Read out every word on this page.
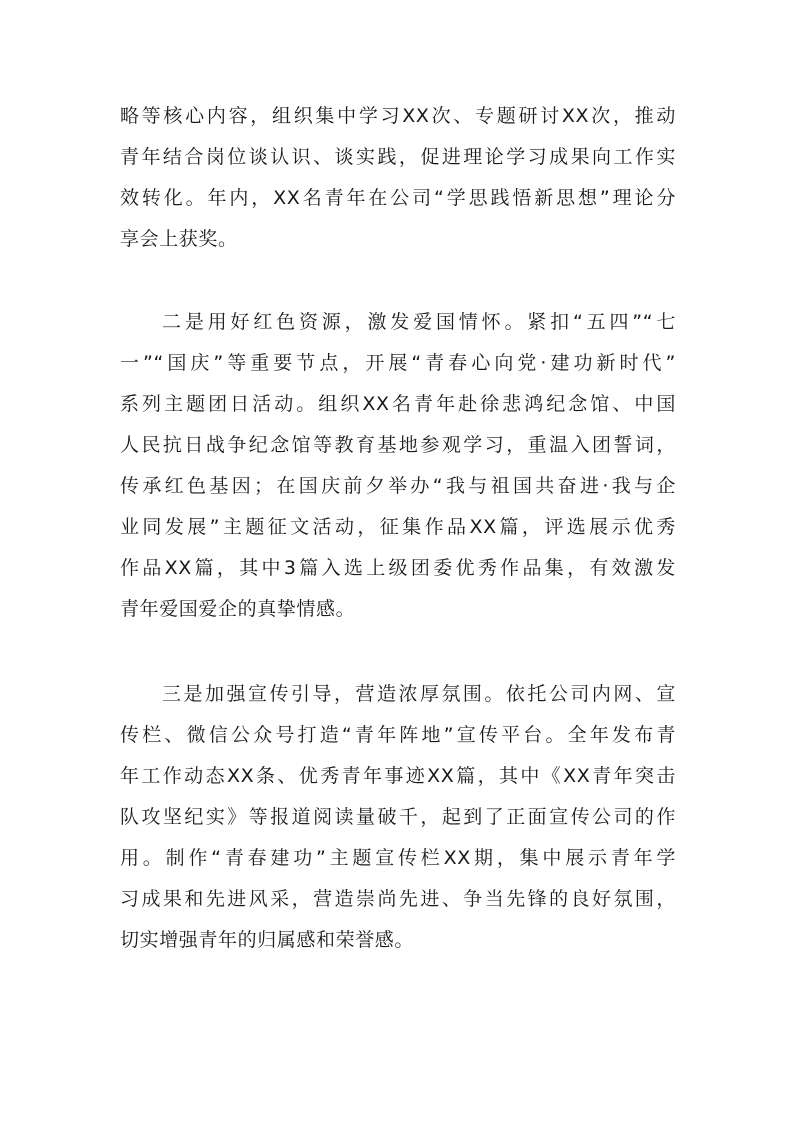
略等核心内容，组织集中学习XX次、专题研讨XX次，推动
青年结合岗位谈认识、谈实践，促进理论学习成果向工作实
效转化。年内，XX名青年在公司“学思践悟新思想”理论分
享会上获奖。
二是用好红色资源，激发爱国情怀。紧扣“五四”“七
一”“国庆”等重要节点，开展“青春心向党·建功新时代”
系列主题团日活动。组织XX名青年赴徐悲鸿纪念馆、中国
人民抗日战争纪念馆等教育基地参观学习，重温入团誓词，
传承红色基因；在国庆前夕举办“我与祖国共奋进·我与企
业同发展”主题征文活动，征集作品XX篇，评选展示优秀
作品XX篇，其中3篇入选上级团委优秀作品集，有效激发
青年爱国爱企的真挚情感。
三是加强宣传引导，营造浓厚氛围。依托公司内网、宣
传栏、微信公众号打造“青年阵地”宣传平台。全年发布青
年工作动态XX条、优秀青年事迹XX篇，其中《XX青年突击
队攻坚纪实》等报道阅读量破千，起到了正面宣传公司的作
用。制作“青春建功”主题宣传栏XX期，集中展示青年学
习成果和先进风采，营造崇尚先进、争当先锋的良好氛围，
切实增强青年的归属感和荣誉感。
